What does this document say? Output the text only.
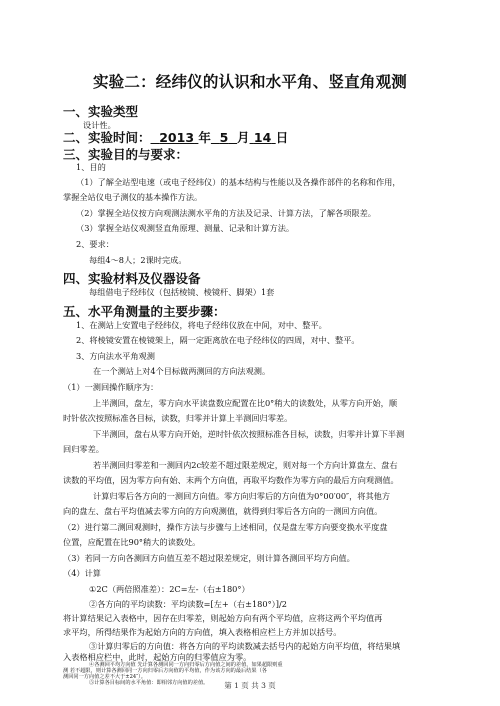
实验二：经纬仪的认识和水平角、竖直角观测
一、实验类型
设计性。
二、实验时间： 2013 年 5 月 14 日
三、实验目的与要求：
1、目的
（1）了解全站型电速（或电子经纬仪）的基本结构与性能以及各操作部件的名称和作用，
掌握全站仪电子测仪的基本操作方法。
（2）掌握全站仪按方向观测法测水平角的方法及记录、计算方法，了解各项限差。
（3）掌握全站仪观测竖直角原理、测量、记录和计算方法。
2、要求：
每组4～8人；2课时完成。
四、实验材料及仪器设备
每组借电子经纬仪（包括棱镜、棱镜杆、脚架）1套
五、水平角测量的主要步骤：
1、在测站上安置电子经纬仪，将电子经纬仪放在中间，对中、整平。
2、将棱镜安置在棱镜架上，隔一定距离放在电子经纬仪的四周，对中、整平。
3、方向法水平角观测
在一个测站上对4个目标做两测回的方向法观测。
（1）一测回操作顺序为：
上半测回，盘左，零方向水平读盘数应配置在比0°稍大的读数处，从零方向开始，顺
时针依次按照标准各目标，读数，归零并计算上半测回归零差。
下半测回，盘右从零方向开始，逆时针依次按照标准各目标，读数，归零并计算下半测
回归零差。
若半测回归零差和一测回内2c较差不超过限差规定，则对每一个方向计算盘左、盘右
读数的平均值，因为零方向有始、末两个方向值，再取平均数作为零方向的最后方向观测值。
计算归零后各方向的一测回方向值。零方向归零后的方向值为0°00′00″，将其他方
向的盘左、盘右平均值减去零方向的方向观测值，就得到归零后各方向的一测回方向值。
（2）进行第二测回观测时，操作方法与步骤与上述相同，仅是盘左零方向要变换水平度盘
位置，应配置在比90°稍大的读数处。
（3）若同一方向各测回方向值互差不超过限差规定，则计算各测回平均方向值。
（4）计算
①2C（两倍照准差）：2C=左-（右±180°）
②各方向的平均读数：平均读数=[左+（右±180°）]/2
将计算结果记入表格中，因存在归零差，则起始方向有两个平均值，应将这两个平均值再
求平均，所得结果作为起始方向的方向值，填入表格相应栏上方并加以括号。
③计算归零后的方向值：将各方向的平均读数减去括号内的起始方向平均值，将结果填
入表格相应栏中，此时，起始方向的归零值应为零。
第 1 页 共 3 页
④各测回平均方向值 先计算各测回同一方向归零后方向值之间的差值，如果超限则重
测 若不超限，则计算各测回同一方向归零后方向值的平均值，作为该方向的最后结果（各
测回同一方向值之差不大于±24″）。
⑤计算各目标间的水平角值：即相邻方向值的差值。
